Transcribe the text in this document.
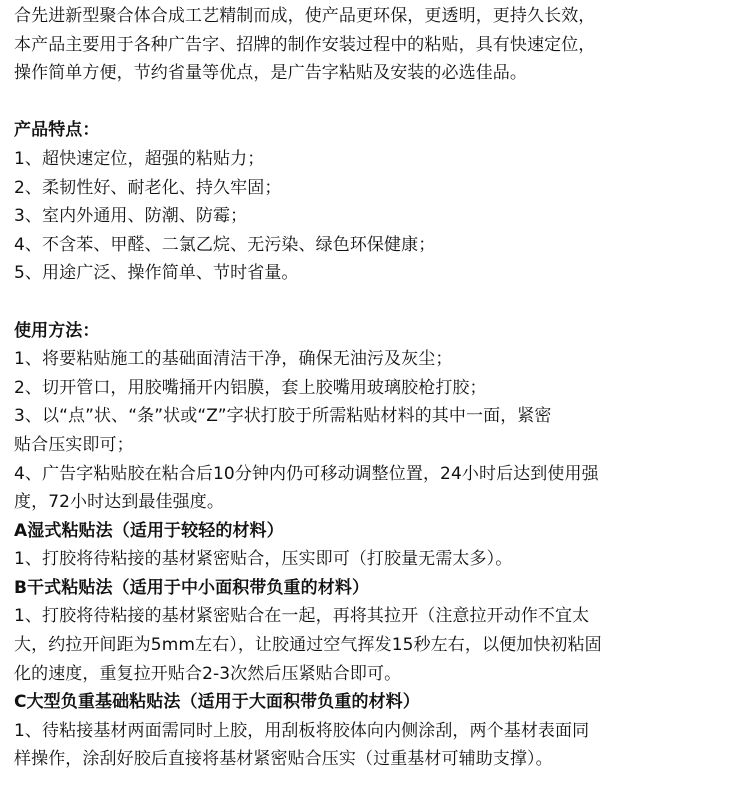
合先进新型聚合体合成工艺精制而成，使产品更环保，更透明，更持久长效，
本产品主要用于各种广告字、招牌的制作安装过程中的粘贴，具有快速定位，
操作简单方便，节约省量等优点，是广告字粘贴及安装的必选佳品。
产品特点：
1、超快速定位，超强的粘贴力；
2、柔韧性好、耐老化、持久牢固；
3、室内外通用、防潮、防霉；
4、不含苯、甲醛、二氯乙烷、无污染、绿色环保健康；
5、用途广泛、操作简单、节时省量。
使用方法：
1、将要粘贴施工的基础面清洁干净，确保无油污及灰尘；
2、切开管口，用胶嘴捅开内铝膜，套上胶嘴用玻璃胶枪打胶；
3、以“点”状、“条”状或“Z”字状打胶于所需粘贴材料的其中一面，紧密
贴合压实即可；
4、广告字粘贴胶在粘合后10分钟内仍可移动调整位置，24小时后达到使用强
度，72小时达到最佳强度。
A湿式粘贴法（适用于较轻的材料）
1、打胶将待粘接的基材紧密贴合，压实即可（打胶量无需太多）。
B干式粘贴法（适用于中小面积带负重的材料）
1、打胶将待粘接的基材紧密贴合在一起，再将其拉开（注意拉开动作不宜太
大，约拉开间距为5mm左右），让胶通过空气挥发15秒左右，以便加快初粘固
化的速度，重复拉开贴合2-3次然后压紧贴合即可。
C大型负重基础粘贴法（适用于大面积带负重的材料）
1、待粘接基材两面需同时上胶，用刮板将胶体向内侧涂刮，两个基材表面同
样操作，涂刮好胶后直接将基材紧密贴合压实（过重基材可辅助支撑）。
